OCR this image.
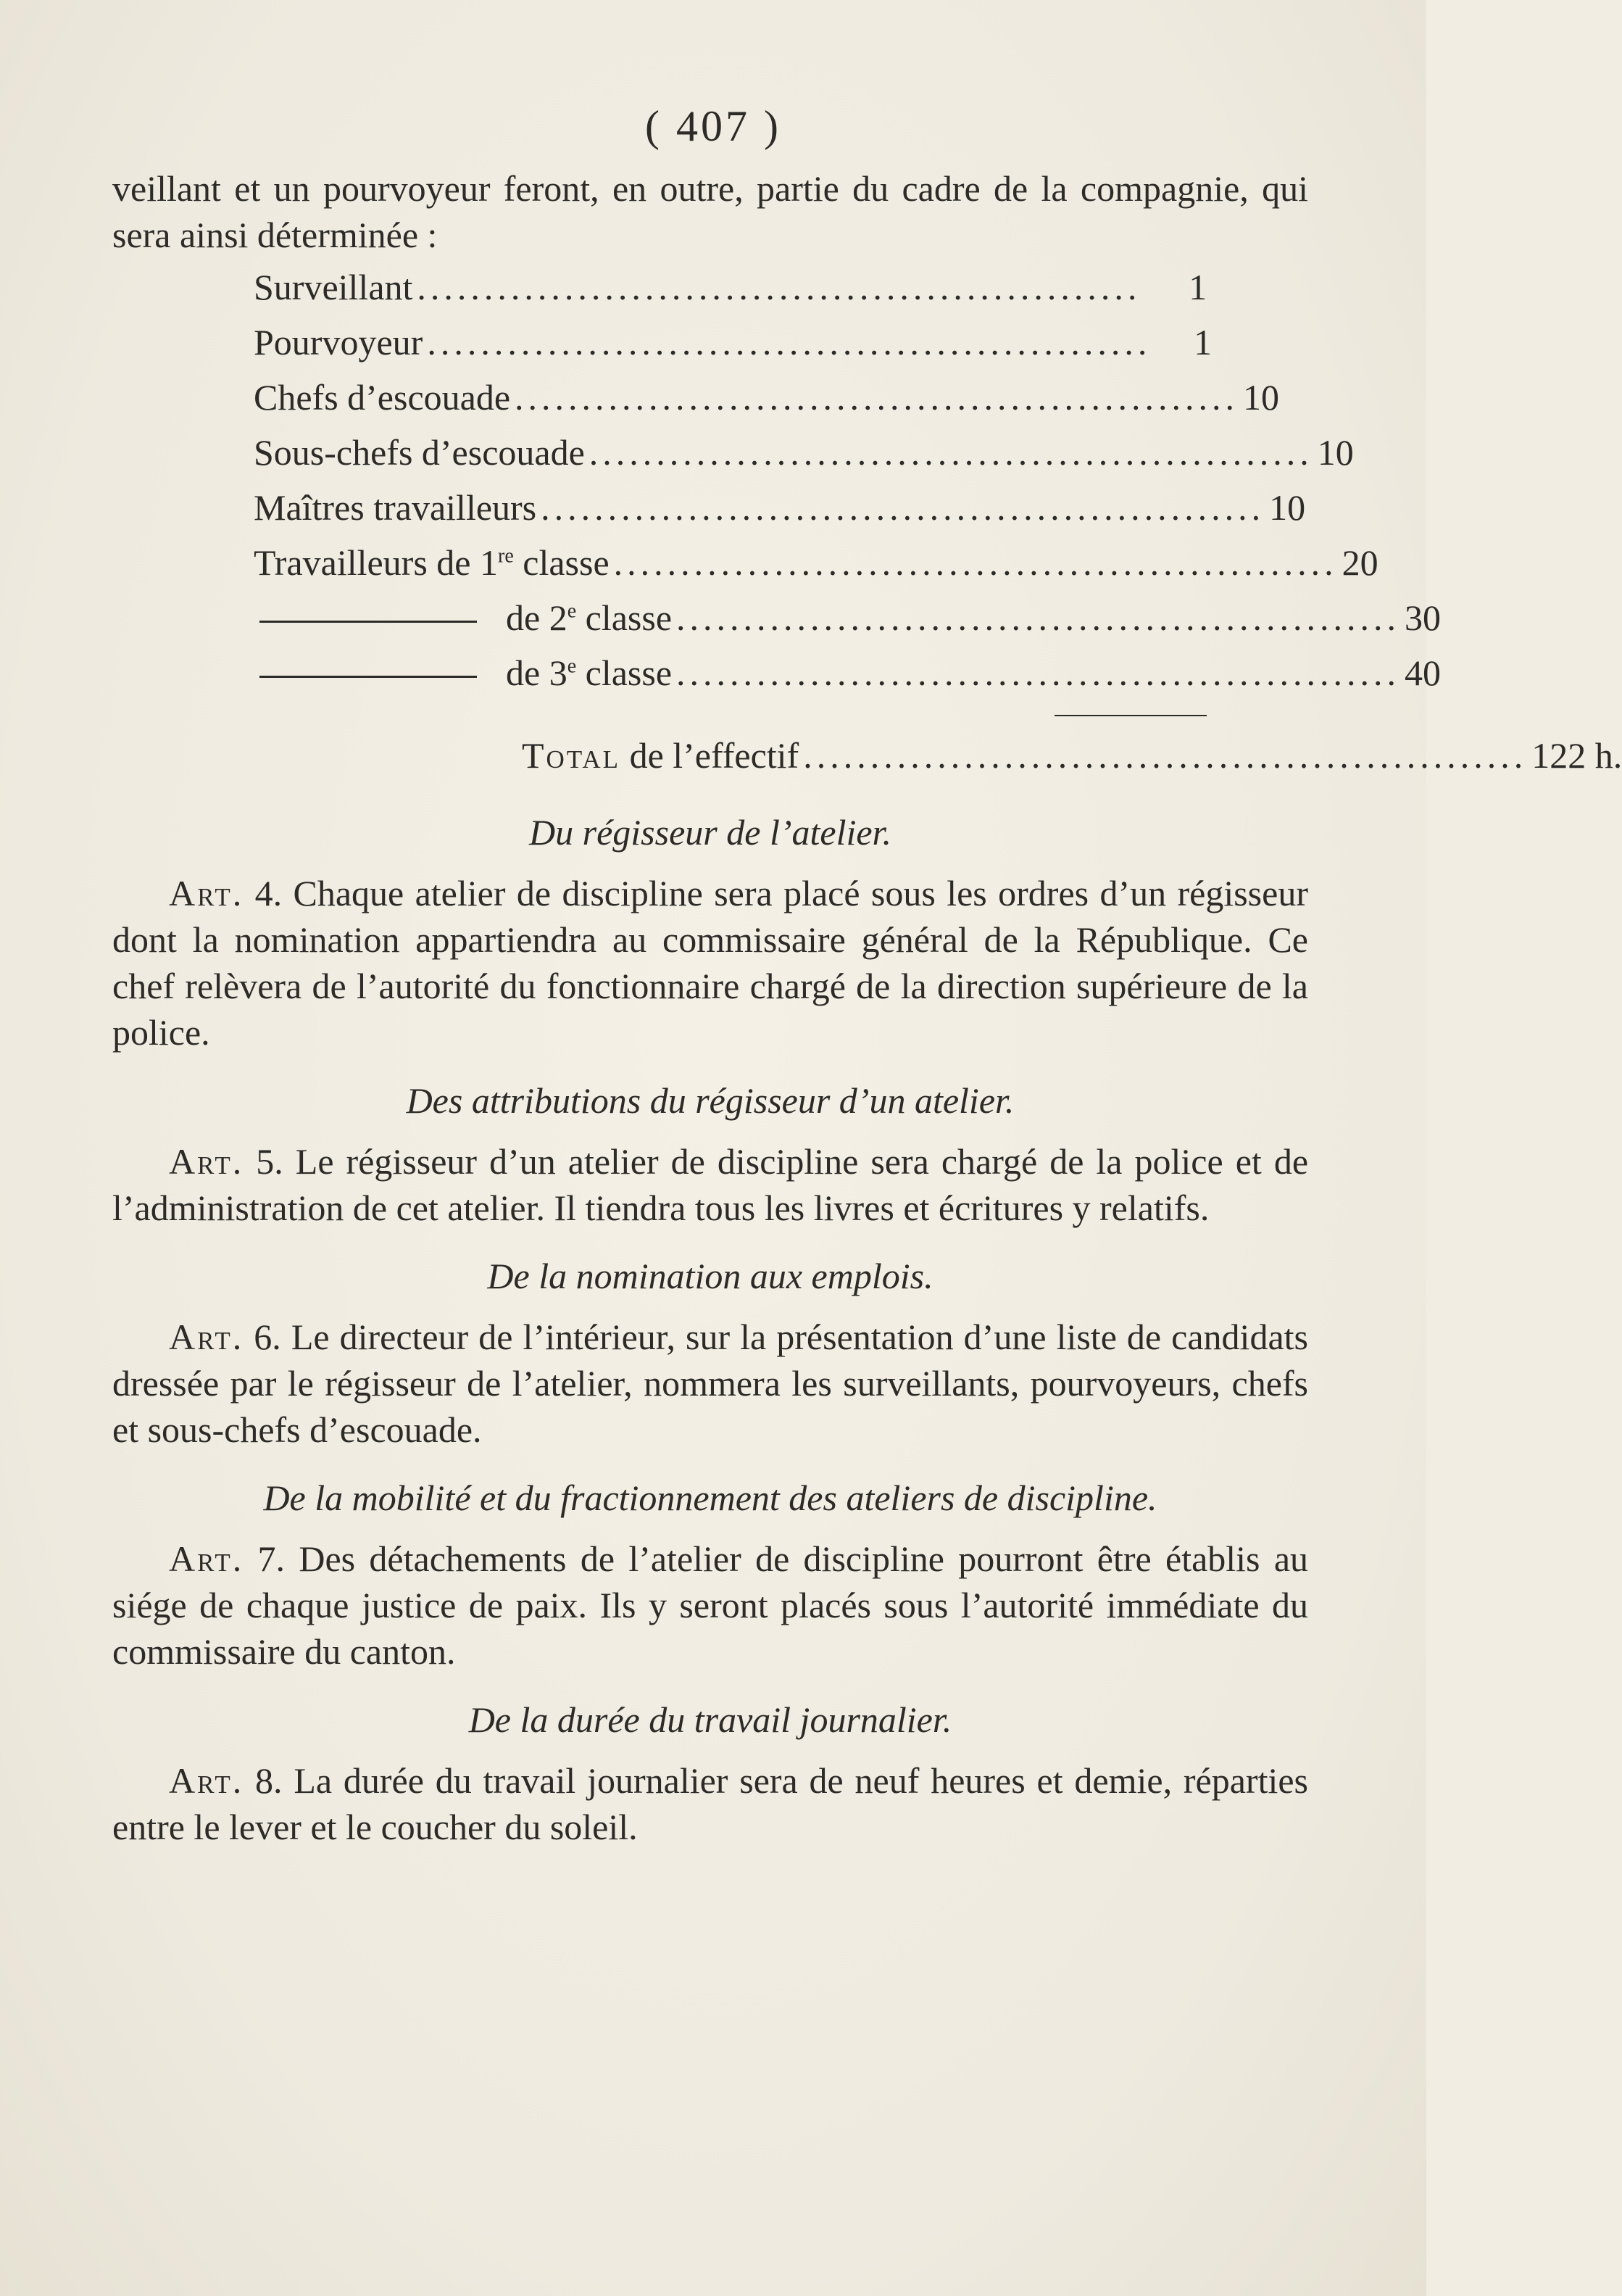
( 407 )

veillant et un pourvoyeur feront, en outre, partie du cadre de la compagnie, qui sera ainsi déterminée :

Surveillant ......................................................	1
Pourvoyeur ......................................................	1
Chefs d’escouade ...................................................... 10
Sous-chefs d’escouade ...................................................... 10
Maîtres travailleurs ...................................................... 10
Travailleurs de 1re classe ...................................................... 20
de 2e classe ...................................................... 30
de 3e classe ...................................................... 40
Total de l’effectif ...................................................... 122 h.
Du régisseur de l’atelier.

Art. 4. Chaque atelier de discipline sera placé sous les ordres d’un régisseur dont la nomination appartiendra au commissaire général de la République. Ce chef relèvera de l’autorité du fonctionnaire chargé de la direction supérieure de la police.

Des attributions du régisseur d’un atelier.

Art. 5. Le régisseur d’un atelier de discipline sera chargé de la police et de l’administration de cet atelier. Il tiendra tous les livres et écritures y relatifs.

De la nomination aux emplois.

Art. 6. Le directeur de l’intérieur, sur la présentation d’une liste de candidats dressée par le régisseur de l’atelier, nommera les surveillants, pourvoyeurs, chefs et sous-chefs d’escouade.

De la mobilité et du fractionnement des ateliers de discipline.

Art. 7. Des détachements de l’atelier de discipline pourront être établis au siége de chaque justice de paix. Ils y seront placés sous l’autorité immédiate du commissaire du canton.

De la durée du travail journalier.

Art. 8. La durée du travail journalier sera de neuf heures et demie, réparties entre le lever et le coucher du soleil.
